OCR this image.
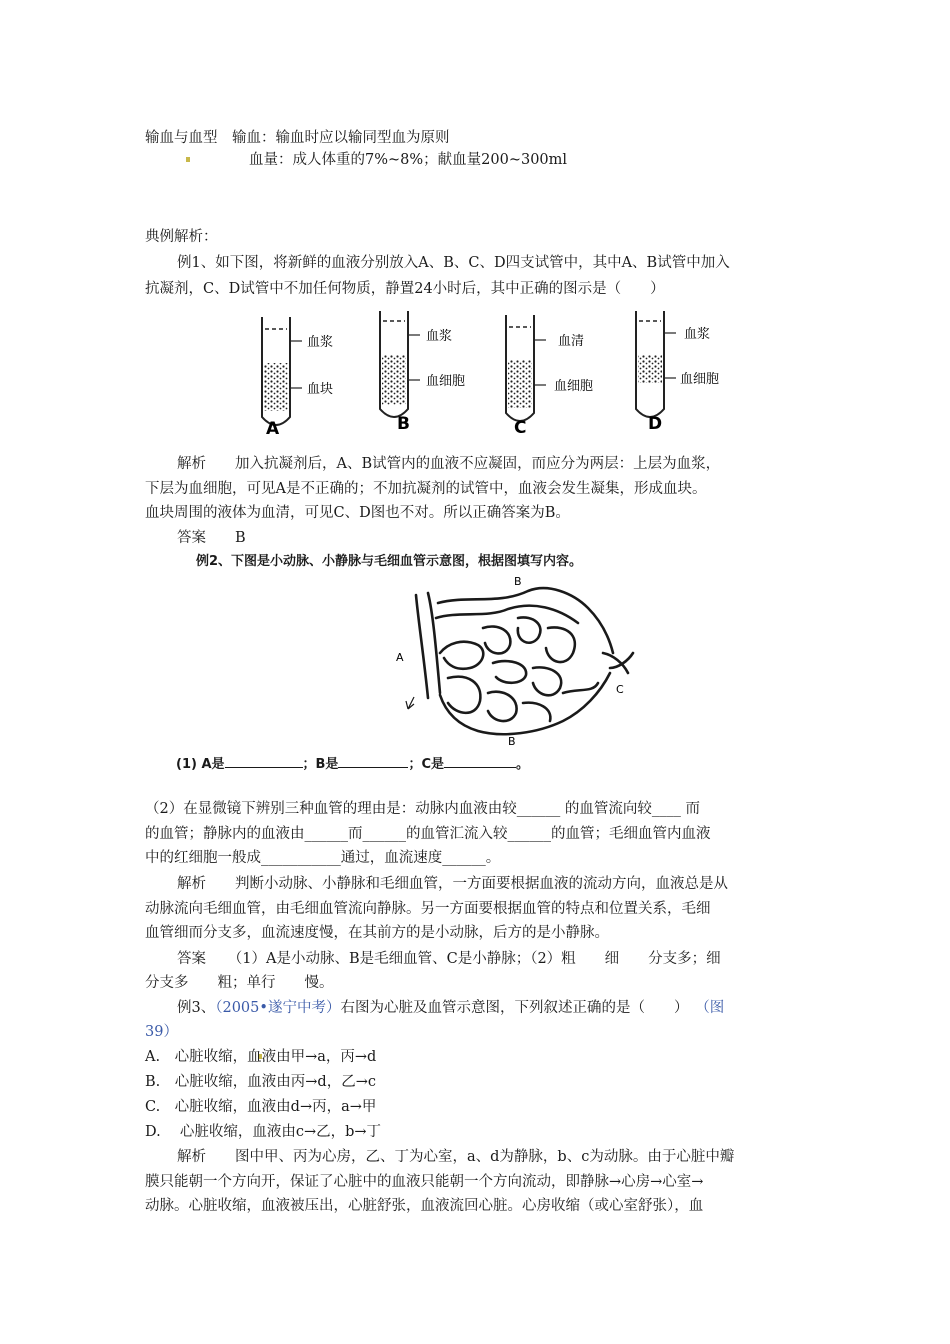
输血与血型　 输血：输血时应以输同型血为原则
血量：成人体重的7%~8%；献血量200~300ml
典例解析：
例1、如下图，将新鲜的血液分别放入A、B、C、D四支试管中，其中A、B试管中加入
抗凝剂，C、D试管中不加任何物质，静置24小时后，其中正确的图示是（　　）
血浆
血块
A
血浆
血细胞
B
血清
血细胞
C
血浆
血细胞
D
解析　　加入抗凝剂后，A、B试管内的血液不应凝固，而应分为两层：上层为血浆，
下层为血细胞，可见A是不正确的；不加抗凝剂的试管中，血液会发生凝集，形成血块。
血块周围的液体为血清，可见C、D图也不对。所以正确答案为B。
答案　　B
例2、下图是小动脉、小静脉与毛细血管示意图，根据图填写内容。
B
A
B
C
(1) A是	；B是	；C是	。
（2）在显微镜下辨别三种血管的理由是：动脉内血液由较______ 的血管流向较____ 而
的血管；静脉内的血液由______而______的血管汇流入较______的血管；毛细血管内血液
中的红细胞一般成___________通过，血流速度______。
解析　　判断小动脉、小静脉和毛细血管，一方面要根据血液的流动方向，血液总是从
动脉流向毛细血管，由毛细血管流向静脉。另一方面要根据血管的特点和位置关系，毛细
血管细而分支多，血流速度慢，在其前方的是小动脉，后方的是小静脉。
答案　　（1）A是小动脉、B是毛细血管、C是小静脉；（2）粗　　细　　分支多；细
分支多　　粗；单行　　慢。
例3、（2005•遂宁中考）右图为心脏及血管示意图，下列叙述正确的是（　　） （图
39）
A.　心脏收缩，血液由甲→a，丙→d
B.　心脏收缩，血液由丙→d，乙→c
C.　心脏收缩，血液由d→丙，a→甲
D.　 心脏收缩，血液由c→乙，b→丁
解析　　图中甲、丙为心房，乙、丁为心室，a、d为静脉，b、c为动脉。由于心脏中瓣
膜只能朝一个方向开，保证了心脏中的血液只能朝一个方向流动，即静脉→心房→心室→
动脉。心脏收缩，血液被压出，心脏舒张，血液流回心脏。心房收缩（或心室舒张），血
